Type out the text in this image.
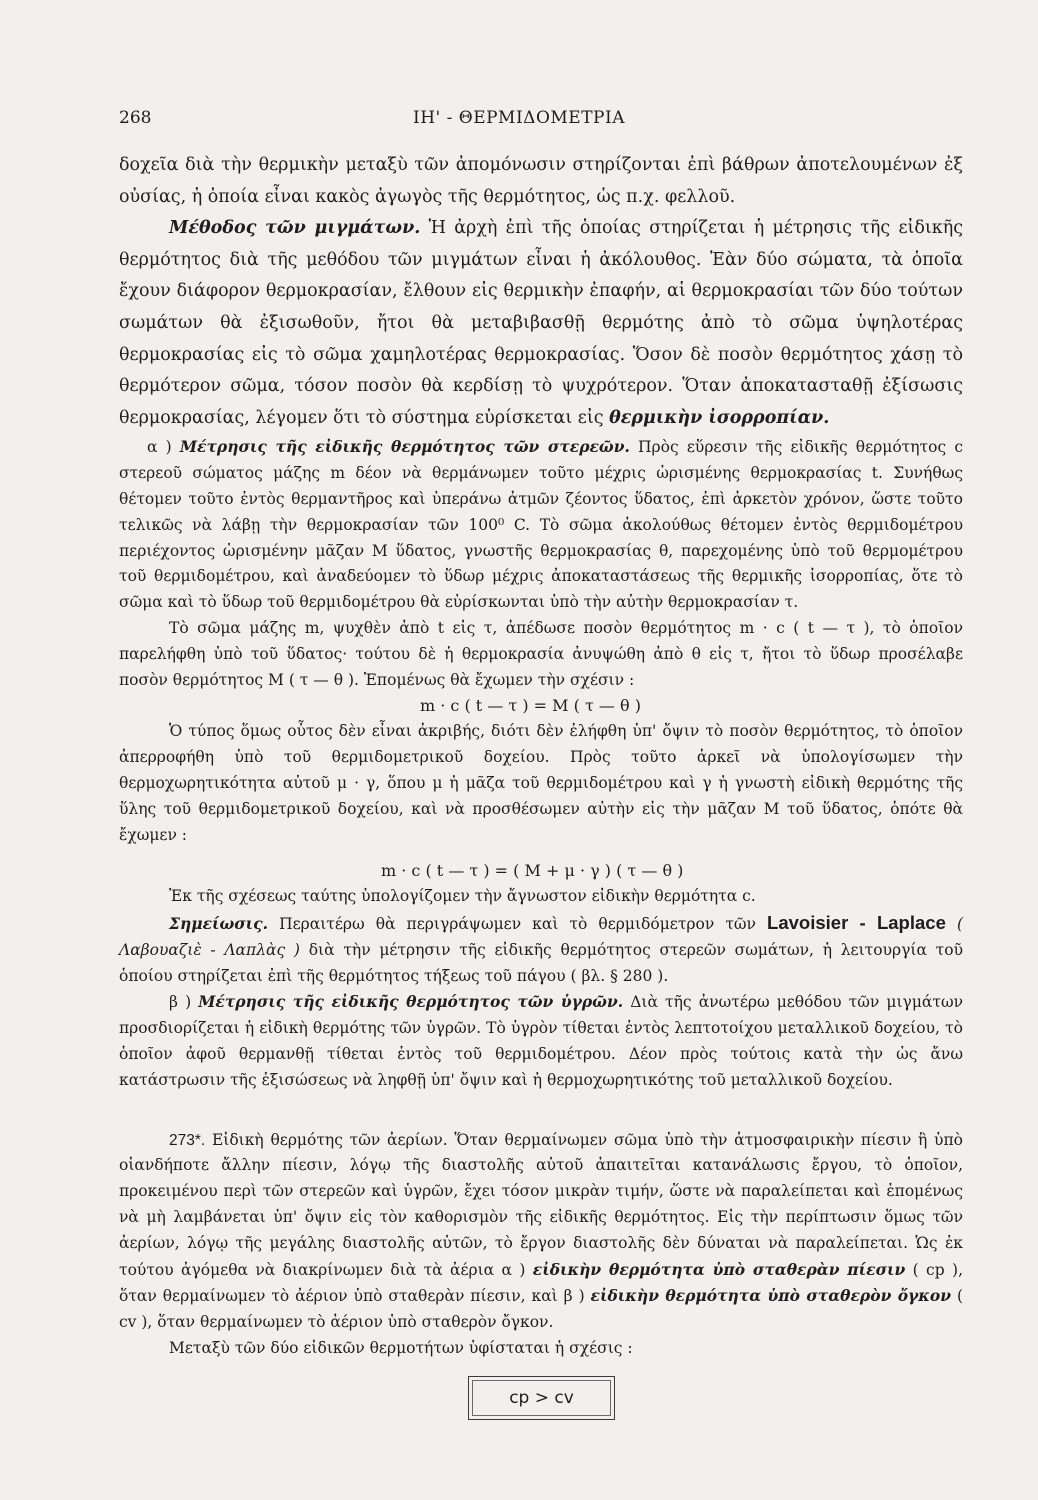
268	ΙΗ' - ΘΕΡΜΙΔΟΜΕΤΡΙΑ

δοχεῖα διὰ τὴν θερμικὴν μεταξὺ τῶν ἀπομόνωσιν στηρίζονται ἐπὶ βάθρων ἀποτελουμένων ἐξ οὐσίας, ἡ ὁποία εἶναι κακὸς ἀγωγὸς τῆς θερμότητος, ὡς π.χ. φελλοῦ.

Μέθοδος τῶν μιγμάτων. Ἡ ἀρχὴ ἐπὶ τῆς ὁποίας στηρίζεται ἡ μέτρησις τῆς εἰδικῆς θερμότητος διὰ τῆς μεθόδου τῶν μιγμάτων εἶναι ἡ ἀκόλουθος. Ἐὰν δύο σώματα, τὰ ὁποῖα ἔχουν διάφορον θερμοκρασίαν, ἔλθουν εἰς θερμικὴν ἐπαφήν, αἱ θερμοκρασίαι τῶν δύο τούτων σωμάτων θὰ ἐξισωθοῦν, ἤτοι θὰ μεταβιβασθῇ θερμότης ἀπὸ τὸ σῶμα ὑψηλοτέρας θερμοκρασίας εἰς τὸ σῶμα χαμηλοτέρας θερμοκρασίας. Ὅσον δὲ ποσὸν θερμότητος χάσῃ τὸ θερμότερον σῶμα, τόσον ποσὸν θὰ κερδίσῃ τὸ ψυχρότερον. Ὅταν ἀποκατασταθῇ ἐξίσωσις θερμοκρασίας, λέγομεν ὅτι τὸ σύστημα εὑρίσκεται εἰς θερμικὴν ἰσορροπίαν.

α ) Μέτρησις τῆς εἰδικῆς θερμότητος τῶν στερεῶν. Πρὸς εὕρεσιν τῆς εἰδικῆς θερμότητος c στερεοῦ σώματος μάζης m δέον νὰ θερμάνωμεν τοῦτο μέχρις ὡρισμένης θερμοκρασίας t. Συνήθως θέτομεν τοῦτο ἐντὸς θερμαντῆρος καὶ ὑπεράνω ἀτμῶν ζέοντος ὕδατος, ἐπὶ ἀρκετὸν χρόνον, ὥστε τοῦτο τελικῶς νὰ λάβῃ τὴν θερμοκρασίαν τῶν 100⁰ C. Τὸ σῶμα ἀκολούθως θέτομεν ἐντὸς θερμιδομέτρου περιέχοντος ὡρισμένην μᾶζαν M ὕδατος, γνωστῆς θερμοκρασίας θ, παρεχομένης ὑπὸ τοῦ θερμομέτρου τοῦ θερμιδομέτρου, καὶ ἀναδεύομεν τὸ ὕδωρ μέχρις ἀποκαταστάσεως τῆς θερμικῆς ἰσορροπίας, ὅτε τὸ σῶμα καὶ τὸ ὕδωρ τοῦ θερμιδομέτρου θὰ εὑρίσκωνται ὑπὸ τὴν αὐτὴν θερμοκρασίαν τ.

Τὸ σῶμα μάζης m, ψυχθὲν ἀπὸ t εἰς τ, ἀπέδωσε ποσὸν θερμότητος m · c ( t — τ ), τὸ ὁποῖον παρελήφθη ὑπὸ τοῦ ὕδατος· τούτου δὲ ἡ θερμοκρασία ἀνυψώθη ἀπὸ θ εἰς τ, ἤτοι τὸ ὕδωρ προσέλαβε ποσὸν θερμότητος M ( τ — θ ). Ἑπομένως θὰ ἔχωμεν τὴν σχέσιν :

m · c ( t — τ ) = M ( τ — θ )

Ὁ τύπος ὅμως οὗτος δὲν εἶναι ἀκριβής, διότι δὲν ἐλήφθη ὑπ' ὄψιν τὸ ποσὸν θερμότητος, τὸ ὁποῖον ἀπερροφήθη ὑπὸ τοῦ θερμιδομετρικοῦ δοχείου. Πρὸς τοῦτο ἀρκεῖ νὰ ὑπολογίσωμεν τὴν θερμοχωρητικότητα αὐτοῦ μ · γ, ὅπου μ ἡ μᾶζα τοῦ θερμιδομέτρου καὶ γ ἡ γνωστὴ εἰδικὴ θερμότης τῆς ὕλης τοῦ θερμιδομετρικοῦ δοχείου, καὶ νὰ προσθέσωμεν αὐτὴν εἰς τὴν μᾶζαν M τοῦ ὕδατος, ὁπότε θὰ ἔχωμεν :

m · c ( t — τ ) = ( M + μ · γ ) ( τ — θ )

Ἐκ τῆς σχέσεως ταύτης ὑπολογίζομεν τὴν ἄγνωστον εἰδικὴν θερμότητα c.

Σημείωσις. Περαιτέρω θὰ περιγράψωμεν καὶ τὸ θερμιδόμετρον τῶν Lavoisier - Laplace ( Λαβουαζιὲ - Λαπλὰς ) διὰ τὴν μέτρησιν τῆς εἰδικῆς θερμότητος στερεῶν σωμάτων, ἡ λειτουργία τοῦ ὁποίου στηρίζεται ἐπὶ τῆς θερμότητος τήξεως τοῦ πάγου ( βλ. § 280 ).

β ) Μέτρησις τῆς εἰδικῆς θερμότητος τῶν ὑγρῶν. Διὰ τῆς ἀνωτέρω μεθόδου τῶν μιγμάτων προσδιορίζεται ἡ εἰδικὴ θερμότης τῶν ὑγρῶν. Τὸ ὑγρὸν τίθεται ἐντὸς λεπτοτοίχου μεταλλικοῦ δοχείου, τὸ ὁποῖον ἀφοῦ θερμανθῇ τίθεται ἐντὸς τοῦ θερμιδομέτρου. Δέον πρὸς τούτοις κατὰ τὴν ὡς ἄνω κατάστρωσιν τῆς ἐξισώσεως νὰ ληφθῇ ὑπ' ὄψιν καὶ ἡ θερμοχωρητικότης τοῦ μεταλλικοῦ δοχείου.

273*. Εἰδικὴ θερμότης τῶν ἀερίων. Ὅταν θερμαίνωμεν σῶμα ὑπὸ τὴν ἀτμοσφαιρικὴν πίεσιν ἢ ὑπὸ οἱανδήποτε ἄλλην πίεσιν, λόγῳ τῆς διαστολῆς αὐτοῦ ἀπαιτεῖται κατανάλωσις ἔργου, τὸ ὁποῖον, προκειμένου περὶ τῶν στερεῶν καὶ ὑγρῶν, ἔχει τόσον μικρὰν τιμήν, ὥστε νὰ παραλείπεται καὶ ἑπομένως νὰ μὴ λαμβάνεται ὑπ' ὄψιν εἰς τὸν καθορισμὸν τῆς εἰδικῆς θερμότητος. Εἰς τὴν περίπτωσιν ὅμως τῶν ἀερίων, λόγῳ τῆς μεγάλης διαστολῆς αὐτῶν, τὸ ἔργον διαστολῆς δὲν δύναται νὰ παραλείπεται. Ὡς ἐκ τούτου ἀγόμεθα νὰ διακρίνωμεν διὰ τὰ ἀέρια α ) εἰδικὴν θερμότητα ὑπὸ σταθερὰν πίεσιν ( cp ), ὅταν θερμαίνωμεν τὸ ἀέριον ὑπὸ σταθερὰν πίεσιν, καὶ β ) εἰδικὴν θερμότητα ὑπὸ σταθερὸν ὄγκον ( cv ), ὅταν θερμαίνωμεν τὸ ἀέριον ὑπὸ σταθερὸν ὄγκον.

Μεταξὺ τῶν δύο εἰδικῶν θερμοτήτων ὑφίσταται ἡ σχέσις :

cp > cv
